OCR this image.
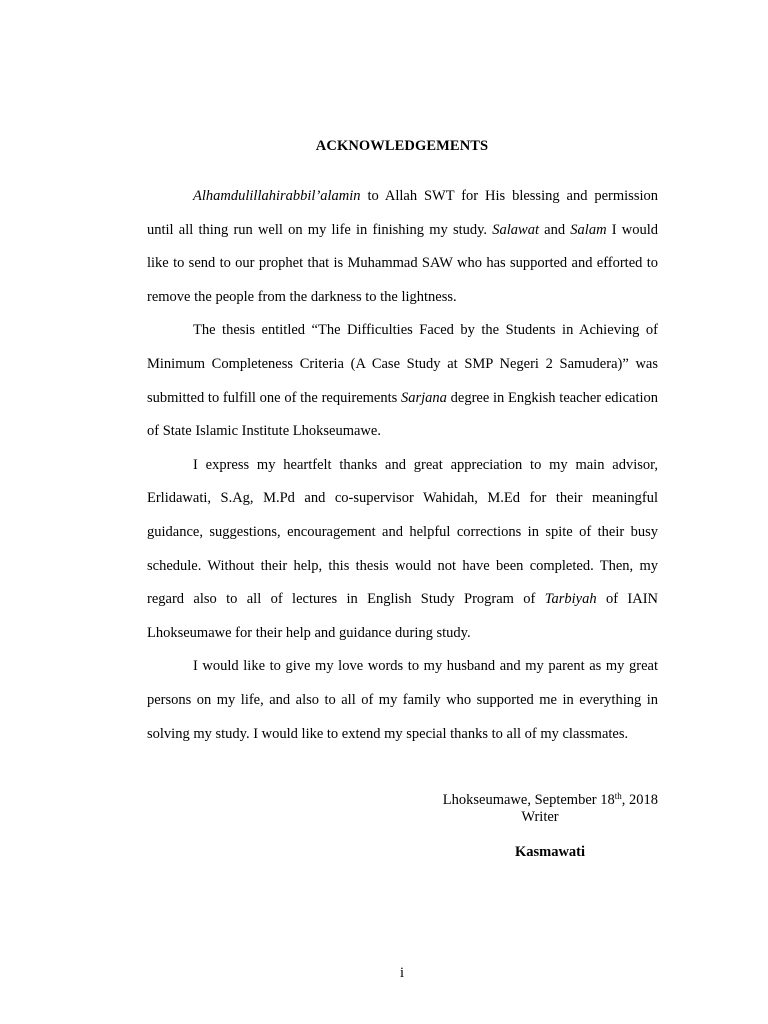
ACKNOWLEDGEMENTS

Alhamdulillahirabbil’alamin to Allah SWT for His blessing and permission until all thing run well on my life in finishing my study. Salawat and Salam I would like to send to our prophet that is Muhammad SAW who has supported and efforted to remove the people from the darkness to the lightness.

The thesis entitled “The Difficulties Faced by the Students in Achieving of Minimum Completeness Criteria (A Case Study at SMP Negeri 2 Samudera)” was submitted to fulfill one of the requirements Sarjana degree in Engkish teacher edication of State Islamic Institute Lhokseumawe.

I express my heartfelt thanks and great appreciation to my main advisor, Erlidawati, S.Ag, M.Pd and co-supervisor Wahidah, M.Ed for their meaningful guidance, suggestions, encouragement and helpful corrections in spite of their busy schedule. Without their help, this thesis would not have been completed. Then, my regard also to all of lectures in English Study Program of Tarbiyah of IAIN Lhokseumawe for their help and guidance during study.

I would like to give my love words to my husband and my parent as my great persons on my life, and also to all of my family who supported me in everything in solving my study. I would like to extend my special thanks to all of my classmates.

Lhokseumawe, September 18th, 2018
Writer
Kasmawati
i
